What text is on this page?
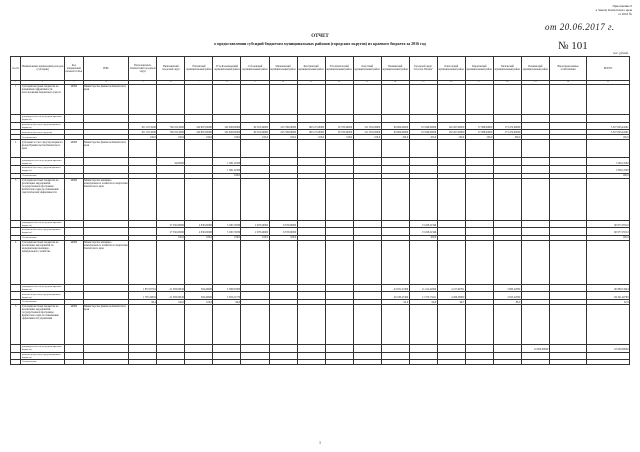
Приложение 9
к Закону Камчатского края
от 2016 №
от 20.06.2017 г.
№ 101
ОТЧЕТ
о предоставлении субсидий бюджетам муниципальных районов (городских округов) из краевого бюджета за 2016 год
тыс. рублей
№ п/п	Наименование направления расходов (субсидии)	Код направления целевой статьи	ГРБС	Петропавловск-Камчатский городской округ	Вилючинский городской округ	Елизовский муниципальный район	Усть-Большерецкий муниципальный район	Соболевский муниципальный район	Мильковский муниципальный район	Быстринский муниципальный район	Усть-Камчатский муниципальный район	Алеутский муниципальный район	Пенжинский муниципальный район	Городской округ "поселок Палана"	Олюторский муниципальный район	Карагинский муниципальный район	Тигильский муниципальный район	Пенжинский муниципальный район	Нераспределенные ассигнования	ВСЕГО
1	2	3	4	5	6	7	8	9	10	11	12	13	14	15	16	17	18	19	20	21
1	Субсидии местным бюджетам на повышение эффективности использования бюджетных средств	40060	Министерство финансов Камчатского края																	
	утверждено (по счету средств краевого бюджета)																			
	исполнено (по счету средств краевого бюджета)			911 167,0200	760 031,0000	240 987,00000	102 828,00000	60 318,40000	225 796,00000	160 127,00000	50 578,40000	211 931,00000	60 964,00000	172 948,00000	102 267,00000	57 088,00000	173 472,00000			3 327 645,44261
	исполнено (по счету средств)			911 167,0200	760 031,0000	240 987,00000	102 828,00000	60 318,40000	225 796,00000	160 127,00000	50 578,40000	211 931,00000	60 964,00000	172 948,00000	102 267,00000	57 088,00000	173 472,00000			3 327 645,44261
	% исполнения			100,0	100,0	100,0	100,0	100,0	100,0	100,0	100,0	100,0	100,0	100,0	100,0	100,0	100,0			100,0
2	Субсидии за счет средств резервного фонда Правительства Камчатского края	40080	Министерство финансов Камчатского края																	
	утверждено (по счету средств краевого бюджета)				34,00000		1 506,12500													1 506,12500
	исполнено (по счету средств краевого бюджета)						1 506,12500													1 506,12500
	% исполнения						100,0													100,0
3	Субсидии местным бюджетам на реализацию мероприятий государственной программы Камчатского края по повышению энергетической эффективности	40060	Министерство жилищно-коммунального хозяйства и энергетики Камчатского края																	
	утверждено (по счету средств краевого бюджета)				27 350,00000	4 830,00000	5 180,72930	2 978,40000	6 378,00000					13 458,22346						60 977,05510
	исполнено (по счету средств краевого бюджета)				27 350,00000	4 830,00000	5 180,72930	2 978,40000	6 378,00000					13 458,22346						60 977,05510
	% исполнения				100,0	100,0	100,0	100,0	100,0					100,0						100,0
4	Субсидии местным бюджетам на реализацию мероприятий по модернизации жилищно-коммунального хозяйства	40060	Министерство жилищно-коммунального хозяйства и энергетики Камчатского края																	
	утверждено (по счету средств краевого бюджета)			1 857,67761	21 383,00610	594,20000	2 308,97000						43 931,27400	11 412,42000	4 217,60761		2 983,22000			90 889,51844
	исполнено (по счету средств краевого бюджета)			1 787,24631	21 383,00610	594,20000	2 303,21770						40 430,27400	11 372,73411	4 206,30600		2 625,22000			84 341,46790
	% исполнения			96,2	100,0	100,0	99,8						92,0	99,6	99,7		88,0			92,8
5	Субсидии местным бюджетам на реализацию мероприятий государственной программы Камчатского края по повышению эффективности управления	40060	Министерство финансов Камчатского края																	
	утверждено (по счету средств краевого бюджета)																	10 000,00000		10 000,00000
	исполнено (по счету средств краевого бюджета)																			
	% исполнения																			
1
